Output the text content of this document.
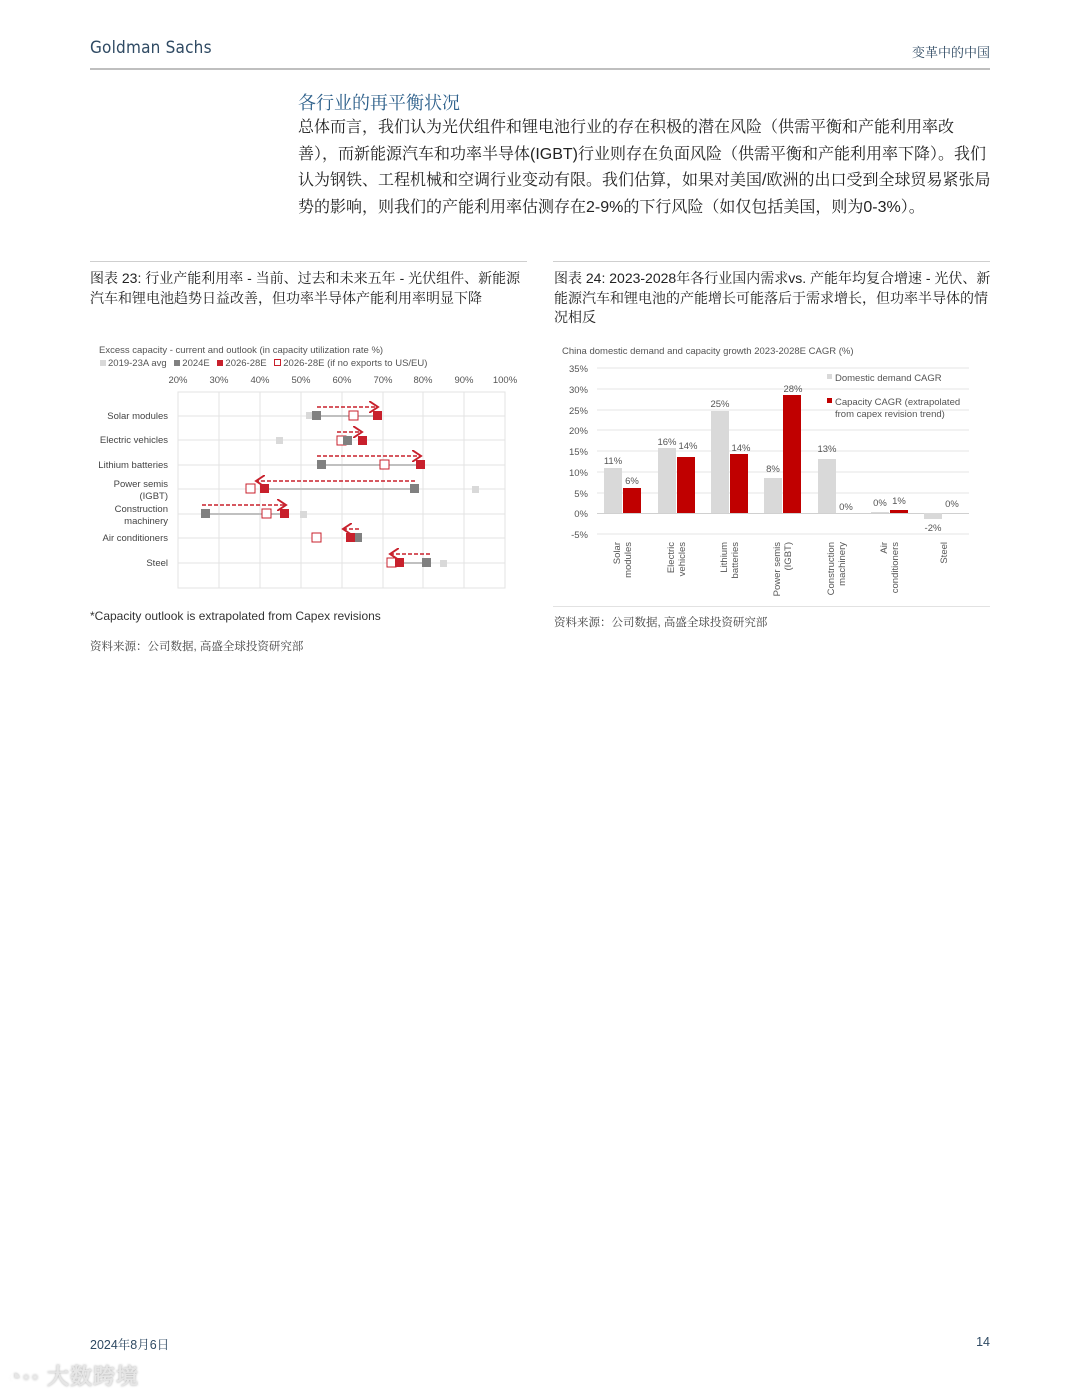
Goldman Sachs	变革中的中国
各行业的再平衡状况
总体而言，我们认为光伏组件和锂电池行业的存在积极的潜在风险（供需平衡和产能利用率改善），而新能源汽车和功率半导体(IGBT)行业则存在负面风险（供需平衡和产能利用率下降）。我们认为钢铁、工程机械和空调行业变动有限。我们估算，如果对美国/欧洲的出口受到全球贸易紧张局势的影响，则我们的产能利用率估测存在2-9%的下行风险（如仅包括美国，则为0-3%）。
图表 23: 行业产能利用率 - 当前、过去和未来五年 - 光伏组件、新能源汽车和锂电池趋势日益改善，但功率半导体产能利用率明显下降
Excess capacity - current and outlook (in capacity utilization rate %)
2019-23A avg 2024E 2026-28E 2026-28E (if no exports to US/EU)
20% 30% 40% 50% 60% 70% 80% 90% 100%
Solar modules
Electric vehicles
Lithium batteries
Power semis
(IGBT)
Construction
machinery
Air conditioners
Steel
*Capacity outlook is extrapolated from Capex revisions
资料来源：公司数据, 高盛全球投资研究部
图表 24: 2023-2028年各行业国内需求vs. 产能年均复合增速 - 光伏、新能源汽车和锂电池的产能增长可能落后于需求增长，但功率半导体的情况相反
China domestic demand and capacity growth 2023-2028E CAGR (%)
35%
30%
25%
20%
15%
10%
5%
0%
-5%
11%
6%
16% 14%
25%
14%
8%
28%
13%
0% 0% 1%
-2%
0%
Domestic demand CAGR
Capacity CAGR (extrapolated
from capex revision trend)
Solar modules	Electric vehicles	Lithium batteries	Power semis (IGBT)	Construction machinery	Air conditioners	Steel
资料来源：公司数据, 高盛全球投资研究部
2024年8月6日	14
◔◦◦ 大数跨境
